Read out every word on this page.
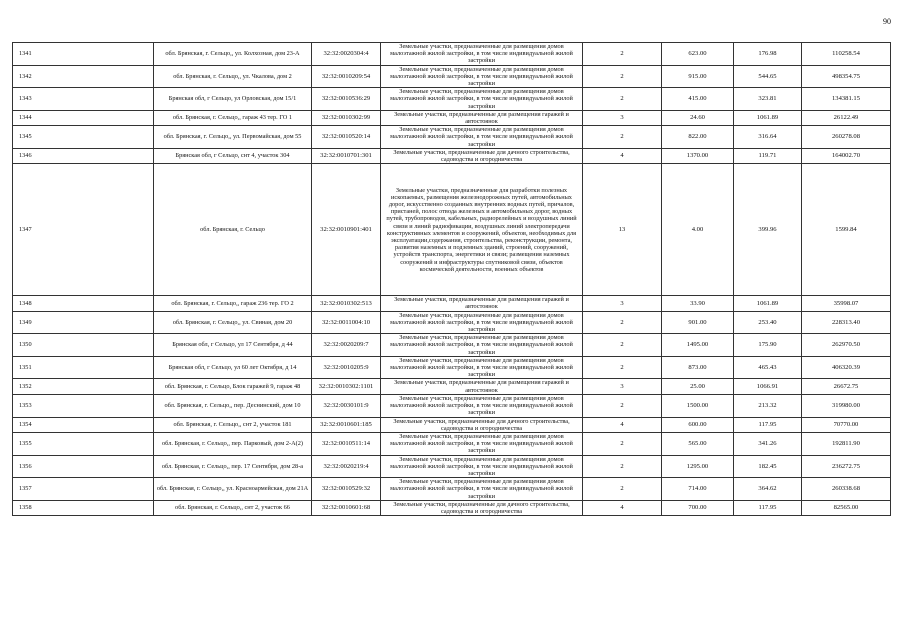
90
1341	обл. Брянская, г. Сельцо,, ул. Колхозная, дом 23-А	32:32:0020304:4	Земельные участки, предназначенные для размещения домов малоэтажной жилой застройки, в том числе индивидуальной жилой застройки	2	623.00	176.98	110258.54
1342	обл. Брянская, г. Сельцо,, ул. Чкалова, дом 2	32:32:0010209:54	Земельные участки, предназначенные для размещения домов малоэтажной жилой застройки, в том числе индивидуальной жилой застройки	2	915.00	544.65	498354.75
1343	Брянская обл, г Сельцо, ул Орловская, дом 15/1	32:32:0010536:29	Земельные участки, предназначенные для размещения домов малоэтажной жилой застройки, в том числе индивидуальной жилой застройки	2	415.00	323.81	134381.15
1344	обл. Брянская, г. Сельцо,, гараж 43 тер. ГО 1	32:32:0010302:99	Земельные участки, предназначенные для размещения гаражей и автостоянок	3	24.60	1061.89	26122.49
1345	обл. Брянская, г. Сельцо,, ул. Первомайская, дом 55	32:32:0010520:14	Земельные участки, предназначенные для размещения домов малоэтажной жилой застройки, в том числе индивидуальной жилой застройки	2	822.00	316.64	260278.08
1346	Брянская обл, г Сельцо, снт 4, участок 304	32:32:0010701:301	Земельные участки, предназначенные для дачного строительства, садоводства и огородничества	4	1370.00	119.71	164002.70
1347	обл. Брянская, г. Сельцо	32:32:0010901:401	Земельные участки, предназначенные для разработки полезных ископаемых, размещения железнодорожных путей, автомобильных дорог, искусственно созданных внутренних водных путей, причалов, пристаней, полос отвода железных и автомобильных дорог, водных путей, трубопроводов, кабельных, радиорелейных и воздушных линий связи и линий радиофикации, воздушных линий электропередачи конструктивных элементов и сооружений, объектов, необходимых для эксплуатации,содержания, строительства, реконструкции, ремонта, развития наземных и подземных зданий, строений, сооружений, устройств транспорта, энергетики и связи; размещения наземных сооружений и инфраструктуры спутниковой связи, объектов космической деятельности, военных объектов	13	4.00	399.96	1599.84
1348	обл. Брянская, г. Сельцо,, гараж 236 тер. ГО 2	32:32:0010302:513	Земельные участки, предназначенные для размещения гаражей и автостоянок	3	33.90	1061.89	35998.07
1349	обл. Брянская, г. Сельцо,, ул. Свиная, дом 20	32:32:0011004:10	Земельные участки, предназначенные для размещения домов малоэтажной жилой застройки, в том числе индивидуальной жилой застройки	2	901.00	253.40	228313.40
1350	Брянская обл, г Сельцо, ул 17 Сентября, д 44	32:32:0020209:7	Земельные участки, предназначенные для размещения домов малоэтажной жилой застройки, в том числе индивидуальной жилой застройки	2	1495.00	175.90	262970.50
1351	Брянская обл, г Сельцо, ул 60 лет Октября, д 14	32:32:0010205:9	Земельные участки, предназначенные для размещения домов малоэтажной жилой застройки, в том числе индивидуальной жилой застройки	2	873.00	465.43	406320.39
1352	обл. Брянская, г. Сельцо, Блок гаражей 9, гараж 48	32:32:0010302:1101	Земельные участки, предназначенные для размещения гаражей и автостоянок	3	25.00	1066.91	26672.75
1353	обл. Брянская, г. Сельцо,, пер. Деснинский, дом 10	32:32:0030101:9	Земельные участки, предназначенные для размещения домов малоэтажной жилой застройки, в том числе индивидуальной жилой застройки	2	1500.00	213.32	319980.00
1354	обл. Брянская, г. Сельцо,, снт 2, участок 181	32:32:0010601:185	Земельные участки, предназначенные для дачного строительства, садоводства и огородничества	4	600.00	117.95	70770.00
1355	обл. Брянская, г. Сельцо,, пер. Парковый, дом 2-А(2)	32:32:0010511:14	Земельные участки, предназначенные для размещения домов малоэтажной жилой застройки, в том числе индивидуальной жилой застройки	2	565.00	341.26	192811.90
1356	обл. Брянская, г. Сельцо,, пер. 17 Сентября, дом 28-а	32:32:0020219:4	Земельные участки, предназначенные для размещения домов малоэтажной жилой застройки, в том числе индивидуальной жилой застройки	2	1295.00	182.45	236272.75
1357	обл. Брянская, г. Сельцо,, ул. Красноармейская, дом 21А	32:32:0010529:32	Земельные участки, предназначенные для размещения домов малоэтажной жилой застройки, в том числе индивидуальной жилой застройки	2	714.00	364.62	260338.68
1358	обл. Брянская, г. Сельцо,, снт 2, участок 66	32:32:0010601:68	Земельные участки, предназначенные для дачного строительства, садоводства и огородничества	4	700.00	117.95	82565.00
